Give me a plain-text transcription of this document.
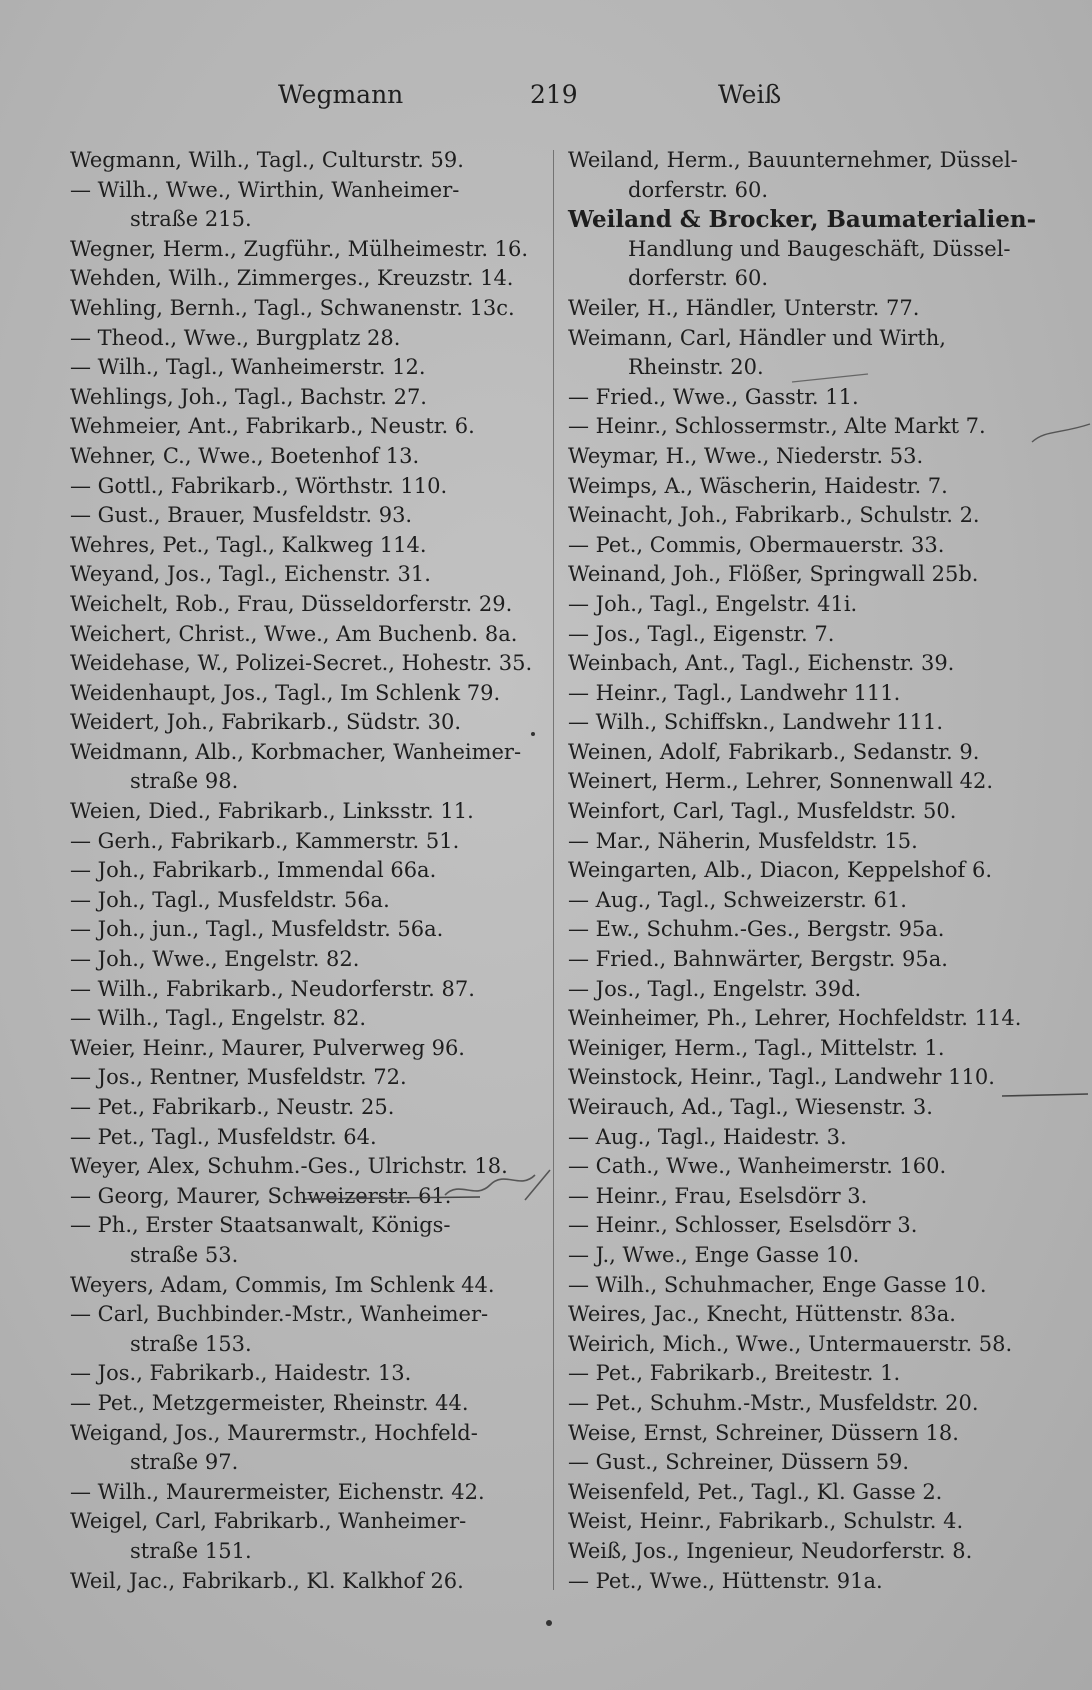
Wegmann	219	Weiß
Wegmann, Wilh., Tagl., Culturstr. 59.
— Wilh., Wwe., Wirthin, Wanheimer-
straße 215.
Wegner, Herm., Zugführ., Mülheimestr. 16.
Wehden, Wilh., Zimmerges., Kreuzstr. 14.
Wehling, Bernh., Tagl., Schwanenstr. 13c.
— Theod., Wwe., Burgplatz 28.
— Wilh., Tagl., Wanheimerstr. 12.
Wehlings, Joh., Tagl., Bachstr. 27.
Wehmeier, Ant., Fabrikarb., Neustr. 6.
Wehner, C., Wwe., Boetenhof 13.
— Gottl., Fabrikarb., Wörthstr. 110.
— Gust., Brauer, Musfeldstr. 93.
Wehres, Pet., Tagl., Kalkweg 114.
Weyand, Jos., Tagl., Eichenstr. 31.
Weichelt, Rob., Frau, Düsseldorferstr. 29.
Weichert, Christ., Wwe., Am Buchenb. 8a.
Weidehase, W., Polizei-Secret., Hohestr. 35.
Weidenhaupt, Jos., Tagl., Im Schlenk 79.
Weidert, Joh., Fabrikarb., Südstr. 30.
Weidmann, Alb., Korbmacher, Wanheimer-
straße 98.
Weien, Died., Fabrikarb., Linksstr. 11.
— Gerh., Fabrikarb., Kammerstr. 51.
— Joh., Fabrikarb., Immendal 66a.
— Joh., Tagl., Musfeldstr. 56a.
— Joh., jun., Tagl., Musfeldstr. 56a.
— Joh., Wwe., Engelstr. 82.
— Wilh., Fabrikarb., Neudorferstr. 87.
— Wilh., Tagl., Engelstr. 82.
Weier, Heinr., Maurer, Pulverweg 96.
— Jos., Rentner, Musfeldstr. 72.
— Pet., Fabrikarb., Neustr. 25.
— Pet., Tagl., Musfeldstr. 64.
Weyer, Alex, Schuhm.-Ges., Ulrichstr. 18.
— Georg, Maurer, Schweizerstr. 61.
— Ph., Erster Staatsanwalt, Königs-
straße 53.
Weyers, Adam, Commis, Im Schlenk 44.
— Carl, Buchbinder.-Mstr., Wanheimer-
straße 153.
— Jos., Fabrikarb., Haidestr. 13.
— Pet., Metzgermeister, Rheinstr. 44.
Weigand, Jos., Maurermstr., Hochfeld-
straße 97.
— Wilh., Maurermeister, Eichenstr. 42.
Weigel, Carl, Fabrikarb., Wanheimer-
straße 151.
Weil, Jac., Fabrikarb., Kl. Kalkhof 26.
Weiland, Herm., Bauunternehmer, Düssel-
dorferstr. 60.
Weiland & Brocker, Baumaterialien-
Handlung und Baugeschäft, Düssel-
dorferstr. 60.
Weiler, H., Händler, Unterstr. 77.
Weimann, Carl, Händler und Wirth,
Rheinstr. 20.
— Fried., Wwe., Gasstr. 11.
— Heinr., Schlossermstr., Alte Markt 7.
Weymar, H., Wwe., Niederstr. 53.
Weimps, A., Wäscherin, Haidestr. 7.
Weinacht, Joh., Fabrikarb., Schulstr. 2.
— Pet., Commis, Obermauerstr. 33.
Weinand, Joh., Flößer, Springwall 25b.
— Joh., Tagl., Engelstr. 41i.
— Jos., Tagl., Eigenstr. 7.
Weinbach, Ant., Tagl., Eichenstr. 39.
— Heinr., Tagl., Landwehr 111.
— Wilh., Schiffskn., Landwehr 111.
Weinen, Adolf, Fabrikarb., Sedanstr. 9.
Weinert, Herm., Lehrer, Sonnenwall 42.
Weinfort, Carl, Tagl., Musfeldstr. 50.
— Mar., Näherin, Musfeldstr. 15.
Weingarten, Alb., Diacon, Keppelshof 6.
— Aug., Tagl., Schweizerstr. 61.
— Ew., Schuhm.-Ges., Bergstr. 95a.
— Fried., Bahnwärter, Bergstr. 95a.
— Jos., Tagl., Engelstr. 39d.
Weinheimer, Ph., Lehrer, Hochfeldstr. 114.
Weiniger, Herm., Tagl., Mittelstr. 1.
Weinstock, Heinr., Tagl., Landwehr 110.
Weirauch, Ad., Tagl., Wiesenstr. 3.
— Aug., Tagl., Haidestr. 3.
— Cath., Wwe., Wanheimerstr. 160.
— Heinr., Frau, Eselsdörr 3.
— Heinr., Schlosser, Eselsdörr 3.
— J., Wwe., Enge Gasse 10.
— Wilh., Schuhmacher, Enge Gasse 10.
Weires, Jac., Knecht, Hüttenstr. 83a.
Weirich, Mich., Wwe., Untermauerstr. 58.
— Pet., Fabrikarb., Breitestr. 1.
— Pet., Schuhm.-Mstr., Musfeldstr. 20.
Weise, Ernst, Schreiner, Düssern 18.
— Gust., Schreiner, Düssern 59.
Weisenfeld, Pet., Tagl., Kl. Gasse 2.
Weist, Heinr., Fabrikarb., Schulstr. 4.
Weiß, Jos., Ingenieur, Neudorferstr. 8.
— Pet., Wwe., Hüttenstr. 91a.
